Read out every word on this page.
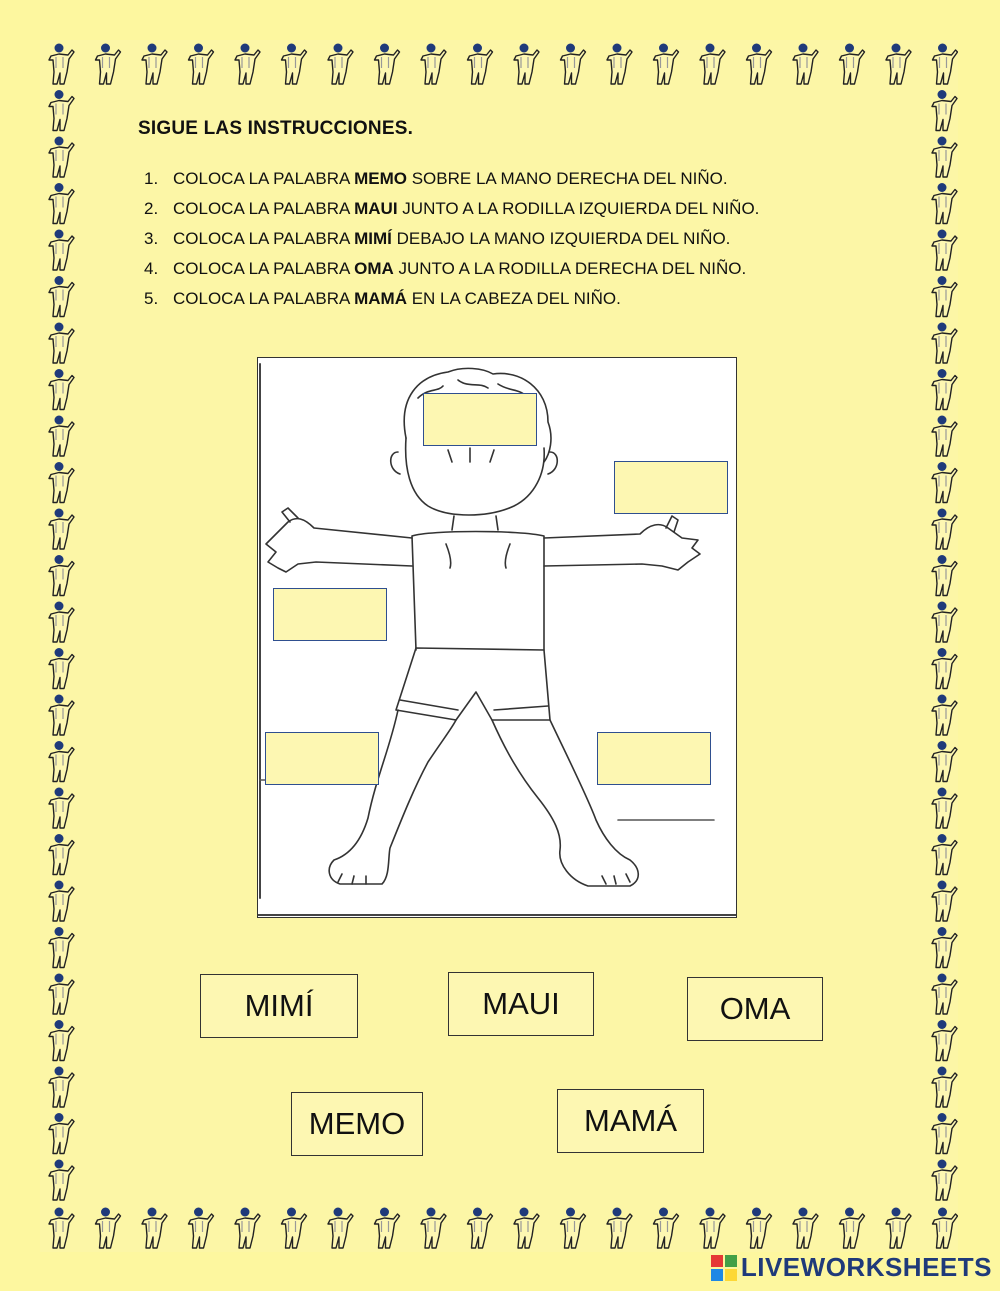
SIGUE LAS INSTRUCCIONES.
1. COLOCA LA PALABRA MEMO SOBRE LA MANO DERECHA DEL NIÑO.
2. COLOCA LA PALABRA MAUI JUNTO A LA RODILLA IZQUIERDA DEL NIÑO.
3. COLOCA LA PALABRA MIMÍ DEBAJO LA MANO IZQUIERDA DEL NIÑO.
4. COLOCA LA PALABRA OMA JUNTO A LA RODILLA DERECHA DEL NIÑO.
5. COLOCA LA PALABRA MAMÁ EN LA CABEZA DEL NIÑO.
MIMÍ	MAUI	OMA
MEMO	MAMÁ
LIVEWORKSHEETS
